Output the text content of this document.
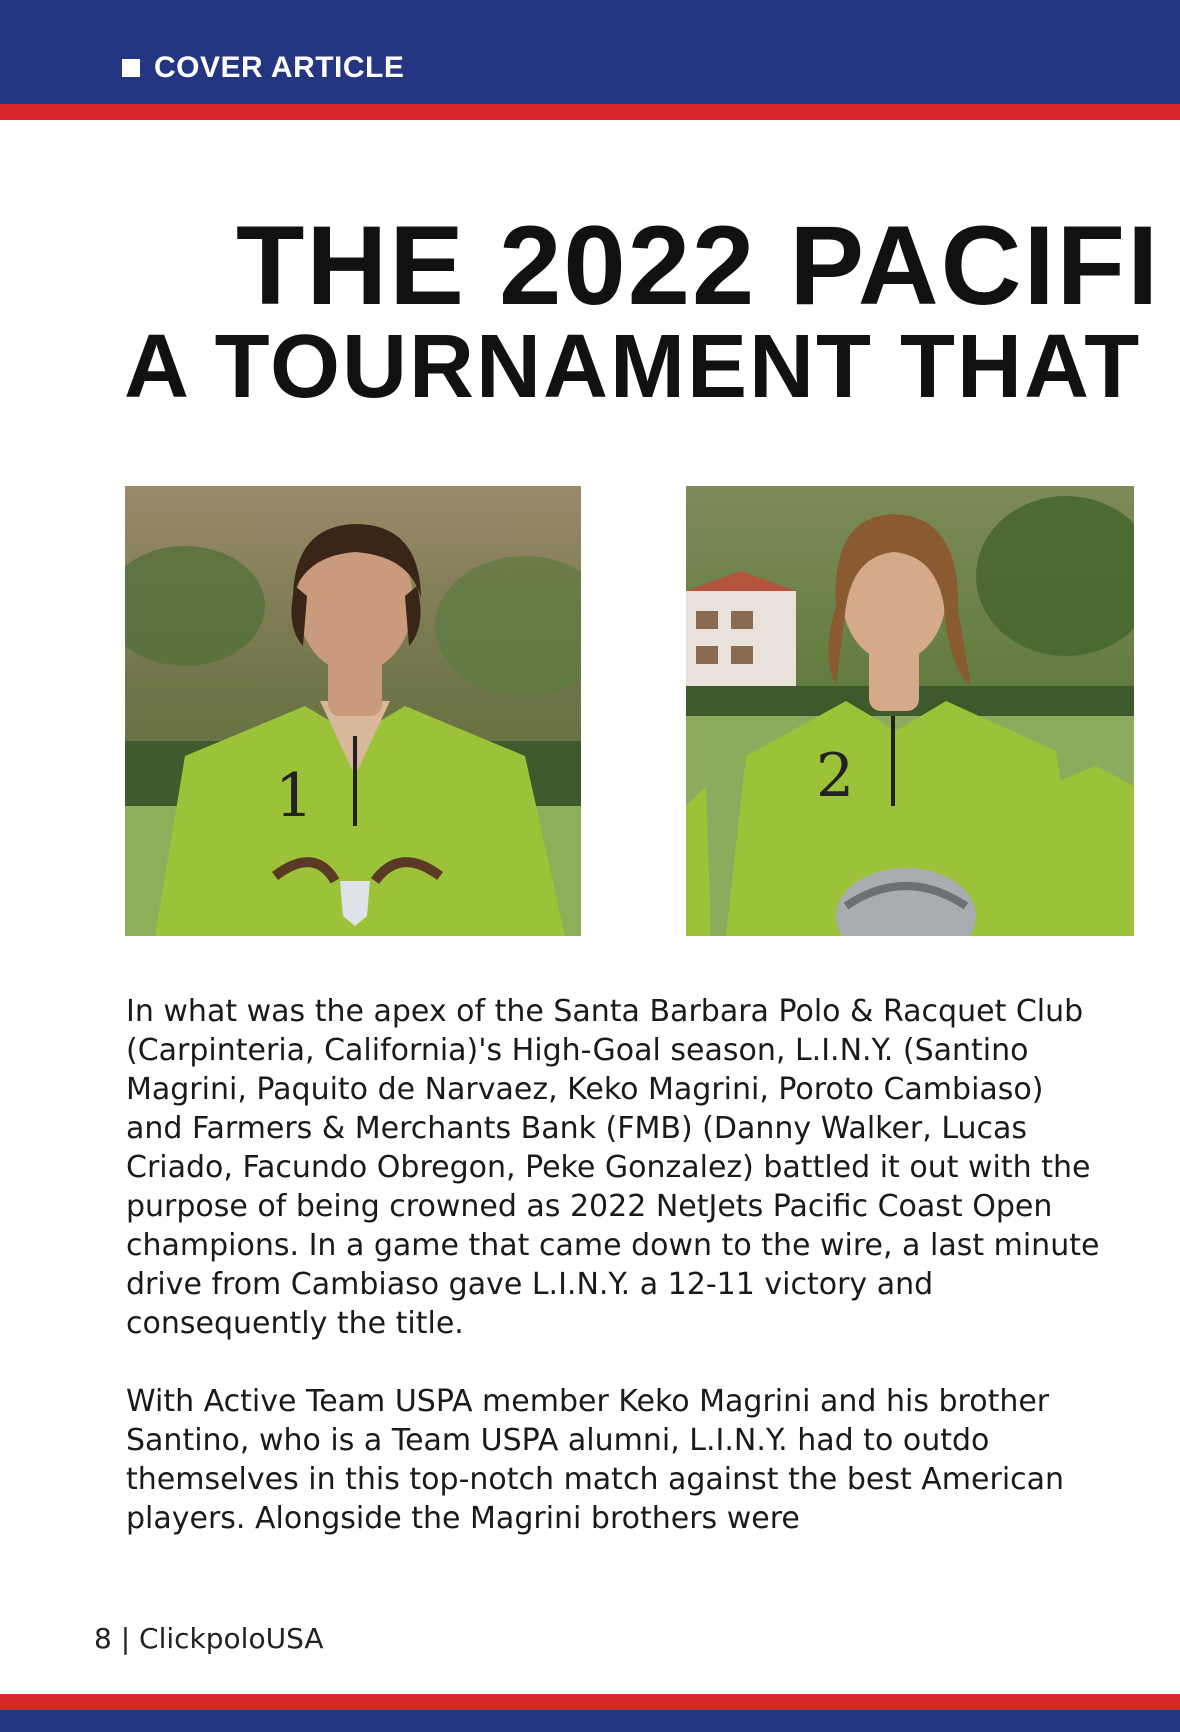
COVER ARTICLE
THE 2022 PACIFI
A TOURNAMENT THAT
1	2

In what was the apex of the Santa Barbara Polo & Racquet Club (Carpinteria, California)'s High-Goal season, L.I.N.Y. (Santino Magrini, Paquito de Narvaez, Keko Magrini, Poroto Cambiaso) and Farmers & Merchants Bank (FMB) (Danny Walker, Lucas Criado, Facundo Obregon, Peke Gonzalez) battled it out with the purpose of being crowned as 2022 NetJets Pacific Coast Open champions. In a game that came down to the wire, a last minute drive from Cambiaso gave L.I.N.Y. a 12-11 victory and consequently the title.

With Active Team USPA member Keko Magrini and his brother Santino, who is a Team USPA alumni, L.I.N.Y. had to outdo themselves in this top-notch match against the best American players. Alongside the Magrini brothers were

8 | ClickpoloUSA
